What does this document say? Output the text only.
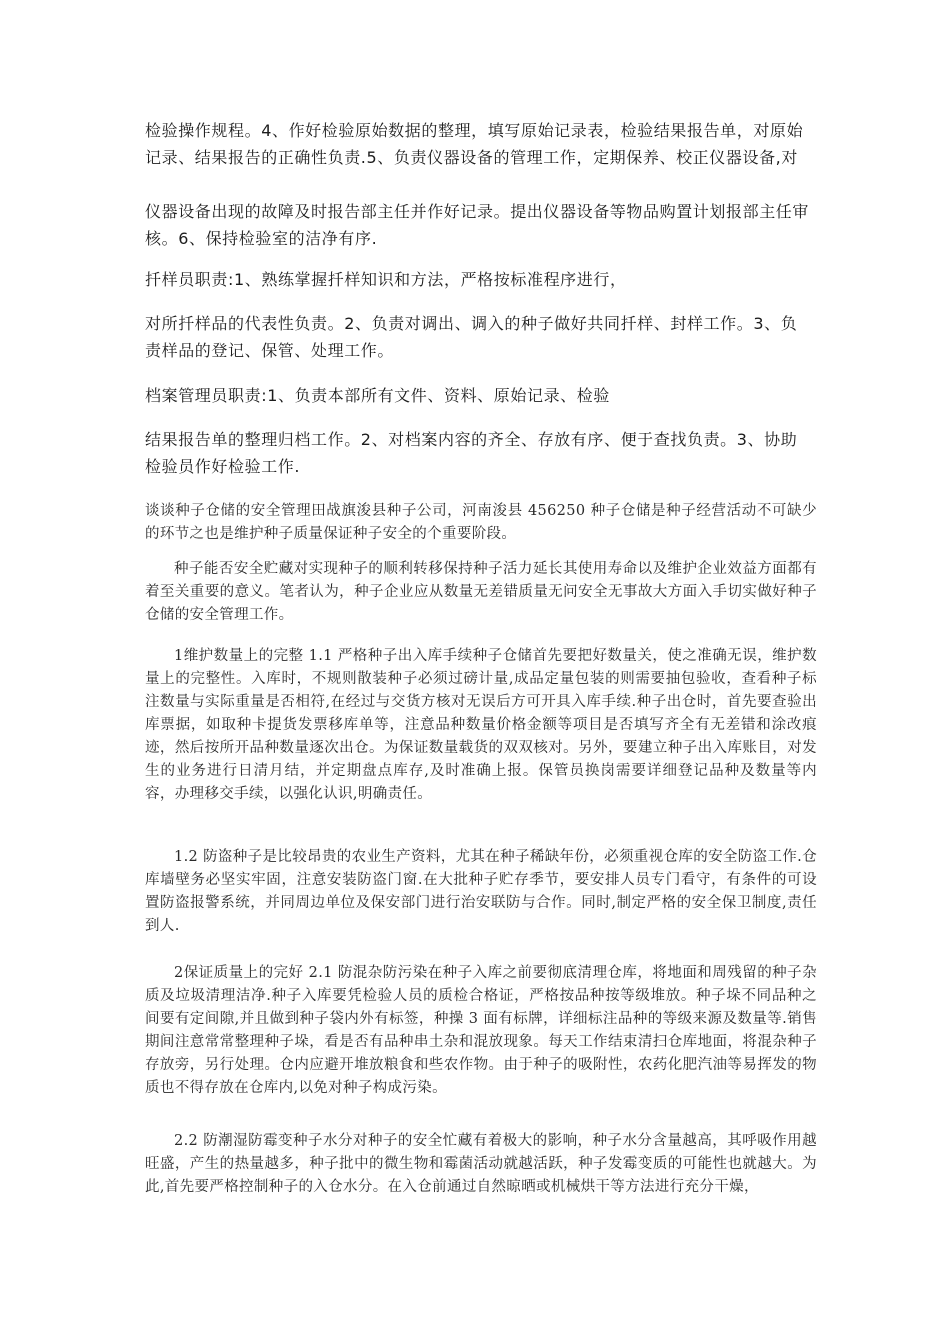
检验操作规程。4、作好检验原始数据的整理，填写原始记录表，检验结果报告单，对原始记录、结果报告的正确性负责.5、负责仪器设备的管理工作，定期保养、校正仪器设备,对

仪器设备出现的故障及时报告部主任并作好记录。提出仪器设备等物品购置计划报部主任审核。6、保持检验室的洁净有序.

扦样员职责:1、熟练掌握扦样知识和方法，严格按标准程序进行，

对所扦样品的代表性负责。2、负责对调出、调入的种子做好共同扦样、封样工作。3、负责样品的登记、保管、处理工作。

档案管理员职责:1、负责本部所有文件、资料、原始记录、检验

结果报告单的整理归档工作。2、对档案内容的齐全、存放有序、便于查找负责。3、协助检验员作好检验工作.

谈谈种子仓储的安全管理田战旗浚县种子公司，河南浚县 456250 种子仓储是种子经营活动不可缺少的环节之也是维护种子质量保证种子安全的个重要阶段。

种子能否安全贮藏对实现种子的顺利转移保持种子活力延长其使用寿命以及维护企业效益方面都有着至关重要的意义。笔者认为，种子企业应从数量无差错质量无问安全无事故大方面入手切实做好种子仓储的安全管理工作。

1维护数量上的完整 1.1 严格种子出入库手续种子仓储首先要把好数量关，使之准确无误，维护数量上的完整性。入库时，不规则散装种子必须过磅计量,成品定量包装的则需要抽包验收，查看种子标注数量与实际重量是否相符,在经过与交货方核对无误后方可开具入库手续.种子出仓时，首先要查验出库票据，如取种卡提货发票移库单等，注意品种数量价格金额等项目是否填写齐全有无差错和涂改痕迹，然后按所开品种数量逐次出仓。为保证数量载货的双双核对。另外，要建立种子出入库账目，对发生的业务进行日清月结，并定期盘点库存,及时准确上报。保管员换岗需要详细登记品种及数量等内容，办理移交手续，以强化认识,明确责任。

1.2 防盗种子是比较昂贵的农业生产资料，尤其在种子稀缺年份，必须重视仓库的安全防盗工作.仓库墙壁务必坚实牢固，注意安装防盗门窗.在大批种子贮存季节，要安排人员专门看守，有条件的可设置防盗报警系统，并同周边单位及保安部门进行治安联防与合作。同时,制定严格的安全保卫制度,责任到人.

2保证质量上的完好 2.1 防混杂防污染在种子入库之前要彻底清理仓库，将地面和周残留的种子杂质及垃圾清理洁净.种子入库要凭检验人员的质检合格证，严格按品种按等级堆放。种子垛不同品种之间要有定间隙,并且做到种子袋内外有标签，种操 3 面有标牌，详细标注品种的等级来源及数量等.销售期间注意常常整理种子垛，看是否有品种串土杂和混放现象。每天工作结束清扫仓库地面，将混杂种子存放旁，另行处理。仓内应避开堆放粮食和些农作物。由于种子的吸附性，农药化肥汽油等易挥发的物质也不得存放在仓库内,以免对种子构成污染。

2.2 防潮湿防霉变种子水分对种子的安全忙藏有着极大的影响，种子水分含量越高，其呼吸作用越旺盛，产生的热量越多，种子批中的微生物和霉菌活动就越活跃，种子发霉变质的可能性也就越大。为此,首先要严格控制种子的入仓水分。在入仓前通过自然晾晒或机械烘干等方法进行充分干燥，
